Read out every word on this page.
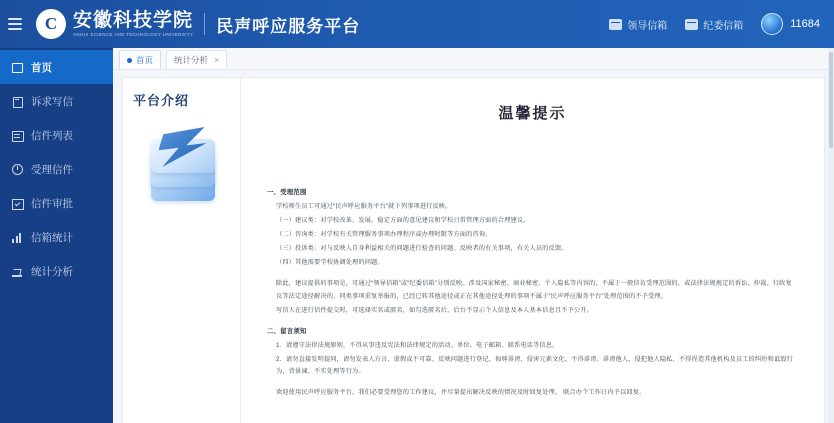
C 安徽科技学院
ANHUI SCIENCE AND TECHNOLOGY UNIVERSITY 民声呼应服务平台	领导信箱	纪委信箱	11684
首页
诉求写信
信件列表
受理信件
信件审批
信箱统计
统计分析
首页 统计分析 ×
平台介绍
温馨提示
一、受理范围
学校师生员工可通过“民声呼应服务平台”就下列事项进行反映。
（一）建议类：对学校改革、发展、稳定方面的意见建议和学校日常管理方面的合理建议。
（二）咨询类：对学校有关管理服务事项办理程序或办理时限等方面的咨询。
（三）投诉类：对与反映人自身利益相关的问题进行检查的问题、反映者的有关事项，有关人员的反馈。
（四）其他需要学校协调处理的问题。
除此，建议提供的事项是，可通过“领导信箱”或“纪委信箱”分别反映。涉及国家秘密、商业秘密、个人隐私等内容的，不属于一般信访受理范围的，或法律法规规定的诉讼、仲裁、行政复议等法定途径解决的，同类事项重复举报的，已经已转其他途径或正在其他途径处理的事项不属于“民声呼应服务平台”处理范围的不予受理。
写信人在进行信件提交时，可选择实名或匿名，如勾选匿名后，后台不显示个人信息及本人基本信息且不予公开。
二、留言须知
1．请遵守法律法规原则，不得从事违反宪法和法律规定的活动、单位、电子邮箱、联系电话等信息。
2．请勿直接发明提问，请勿发表人方言、虚假或不可靠、反映问题进行登记、侮辱诽谤、侵害元素文化、不得诽谤、诽谤他人、侵犯他人隐私、不得捏造其他机构及员工的纠纷和诋毁行为，背景谏、不实处理等行为。
欢迎使用民声呼应服务平台，我们必要受理您的工作建议，并尽量提出解决反映的情况及时回复处理。 联合办个工作日内予以回复。
